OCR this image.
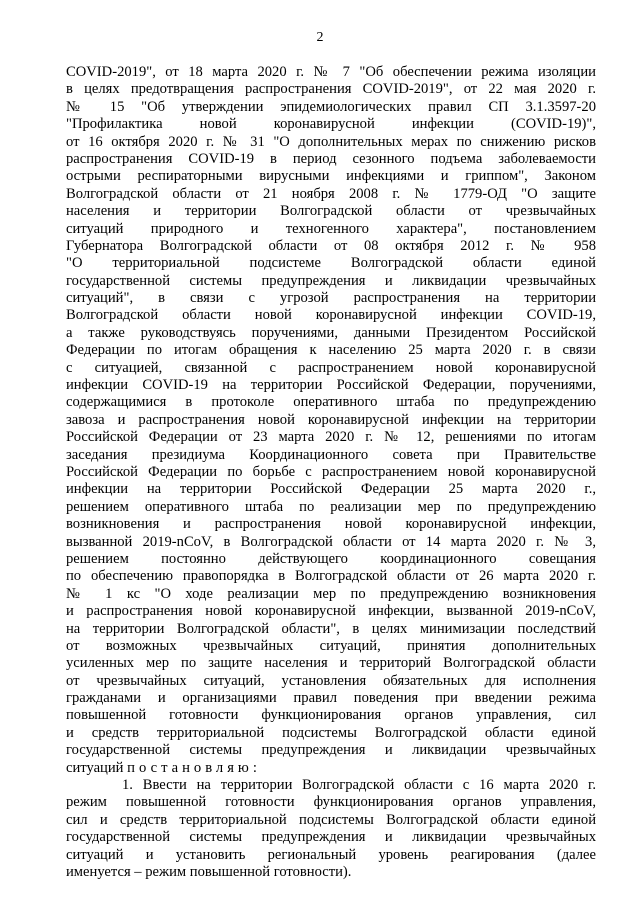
2
COVID-2019", от 18 марта 2020 г. № 7 "Об обеспечении режима изоляции
в целях предотвращения распространения COVID-2019", от 22 мая 2020 г.
№ 15 "Об утверждении эпидемиологических правил СП 3.1.3597-20
"Профилактика новой коронавирусной инфекции (COVID-19)",
от 16 октября 2020 г. № 31 "О дополнительных мерах по снижению рисков
распространения COVID-19 в период сезонного подъема заболеваемости
острыми респираторными вирусными инфекциями и гриппом", Законом
Волгоградской области от 21 ноября 2008 г. № 1779-ОД "О защите
населения и территории Волгоградской области от чрезвычайных
ситуаций природного и техногенного характера", постановлением
Губернатора Волгоградской области от 08 октября 2012 г. № 958
"О территориальной подсистеме Волгоградской области единой
государственной системы предупреждения и ликвидации чрезвычайных
ситуаций", в связи с угрозой распространения на территории
Волгоградской области новой коронавирусной инфекции COVID-19,
а также руководствуясь поручениями, данными Президентом Российской
Федерации по итогам обращения к населению 25 марта 2020 г. в связи
с ситуацией, связанной с распространением новой коронавирусной
инфекции COVID-19 на территории Российской Федерации, поручениями,
содержащимися в протоколе оперативного штаба по предупреждению
завоза и распространения новой коронавирусной инфекции на территории
Российской Федерации от 23 марта 2020 г. № 12, решениями по итогам
заседания президиума Координационного совета при Правительстве
Российской Федерации по борьбе с распространением новой коронавирусной
инфекции на территории Российской Федерации 25 марта 2020 г.,
решением оперативного штаба по реализации мер по предупреждению
возникновения и распространения новой коронавирусной инфекции,
вызванной 2019-nCoV, в Волгоградской области от 14 марта 2020 г. № 3,
решением постоянно действующего координационного совещания
по обеспечению правопорядка в Волгоградской области от 26 марта 2020 г.
№ 1 кс "О ходе реализации мер по предупреждению возникновения
и распространения новой коронавирусной инфекции, вызванной 2019-nCoV,
на территории Волгоградской области", в целях минимизации последствий
от возможных чрезвычайных ситуаций, принятия дополнительных
усиленных мер по защите населения и территорий Волгоградской области
от чрезвычайных ситуаций, установления обязательных для исполнения
гражданами и организациями правил поведения при введении режима
повышенной готовности функционирования органов управления, сил
и средств территориальной подсистемы Волгоградской области единой
государственной системы предупреждения и ликвидации чрезвычайных
ситуаций постановляю:
1. Ввести на территории Волгоградской области с 16 марта 2020 г.
режим повышенной готовности функционирования органов управления,
сил и средств территориальной подсистемы Волгоградской области единой
государственной системы предупреждения и ликвидации чрезвычайных
ситуаций и установить региональный уровень реагирования (далее
именуется – режим повышенной готовности).
